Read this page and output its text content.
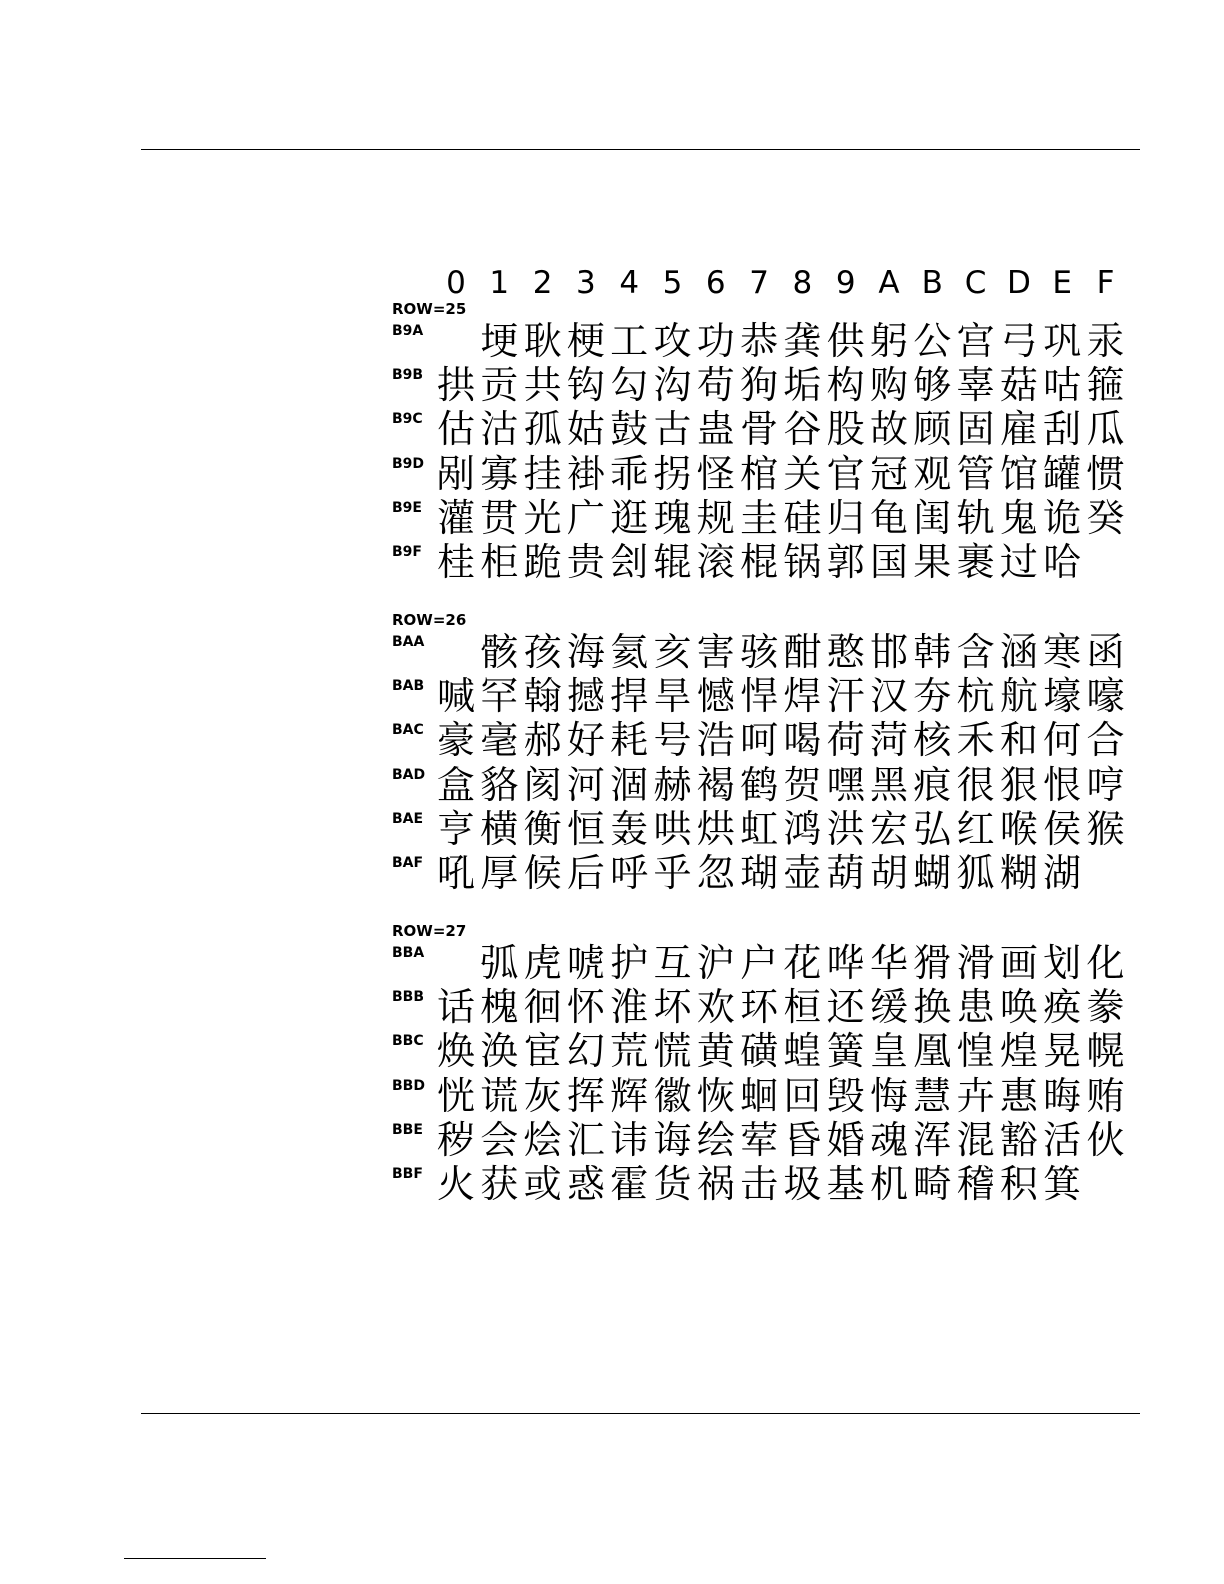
0 1 2 3 4 5 6 7 8 9 A B C D E F
ROW=25
B9A 埂 耿 梗 工 攻 功 恭 龚 供 躬 公 宫 弓 巩 汞
B9B 拱 贡 共 钩 勾 沟 苟 狗 垢 构 购 够 辜 菇 咕 箍
B9C 估 沽 孤 姑 鼓 古 蛊 骨 谷 股 故 顾 固 雇 刮 瓜
B9D 剐 寡 挂 褂 乖 拐 怪 棺 关 官 冠 观 管 馆 罐 惯
B9E 灌 贯 光 广 逛 瑰 规 圭 硅 归 龟 闺 轨 鬼 诡 癸
B9F 桂 柜 跪 贵 刽 辊 滚 棍 锅 郭 国 果 裹 过 哈
ROW=26
BAA 骸 孩 海 氦 亥 害 骇 酣 憨 邯 韩 含 涵 寒 函
BAB 喊 罕 翰 撼 捍 旱 憾 悍 焊 汗 汉 夯 杭 航 壕 嚎
BAC 豪 毫 郝 好 耗 号 浩 呵 喝 荷 菏 核 禾 和 何 合
BAD 盒 貉 阂 河 涸 赫 褐 鹤 贺 嘿 黑 痕 很 狠 恨 哼
BAE 亨 横 衡 恒 轰 哄 烘 虹 鸿 洪 宏 弘 红 喉 侯 猴
BAF 吼 厚 候 后 呼 乎 忽 瑚 壶 葫 胡 蝴 狐 糊 湖
ROW=27
BBA 弧 虎 唬 护 互 沪 户 花 哗 华 猾 滑 画 划 化
BBB 话 槐 徊 怀 淮 坏 欢 环 桓 还 缓 换 患 唤 痪 豢
BBC 焕 涣 宦 幻 荒 慌 黄 磺 蝗 簧 皇 凰 惶 煌 晃 幌
BBD 恍 谎 灰 挥 辉 徽 恢 蛔 回 毁 悔 慧 卉 惠 晦 贿
BBE 秽 会 烩 汇 讳 诲 绘 荤 昏 婚 魂 浑 混 豁 活 伙
BBF 火 获 或 惑 霍 货 祸 击 圾 基 机 畸 稽 积 箕
